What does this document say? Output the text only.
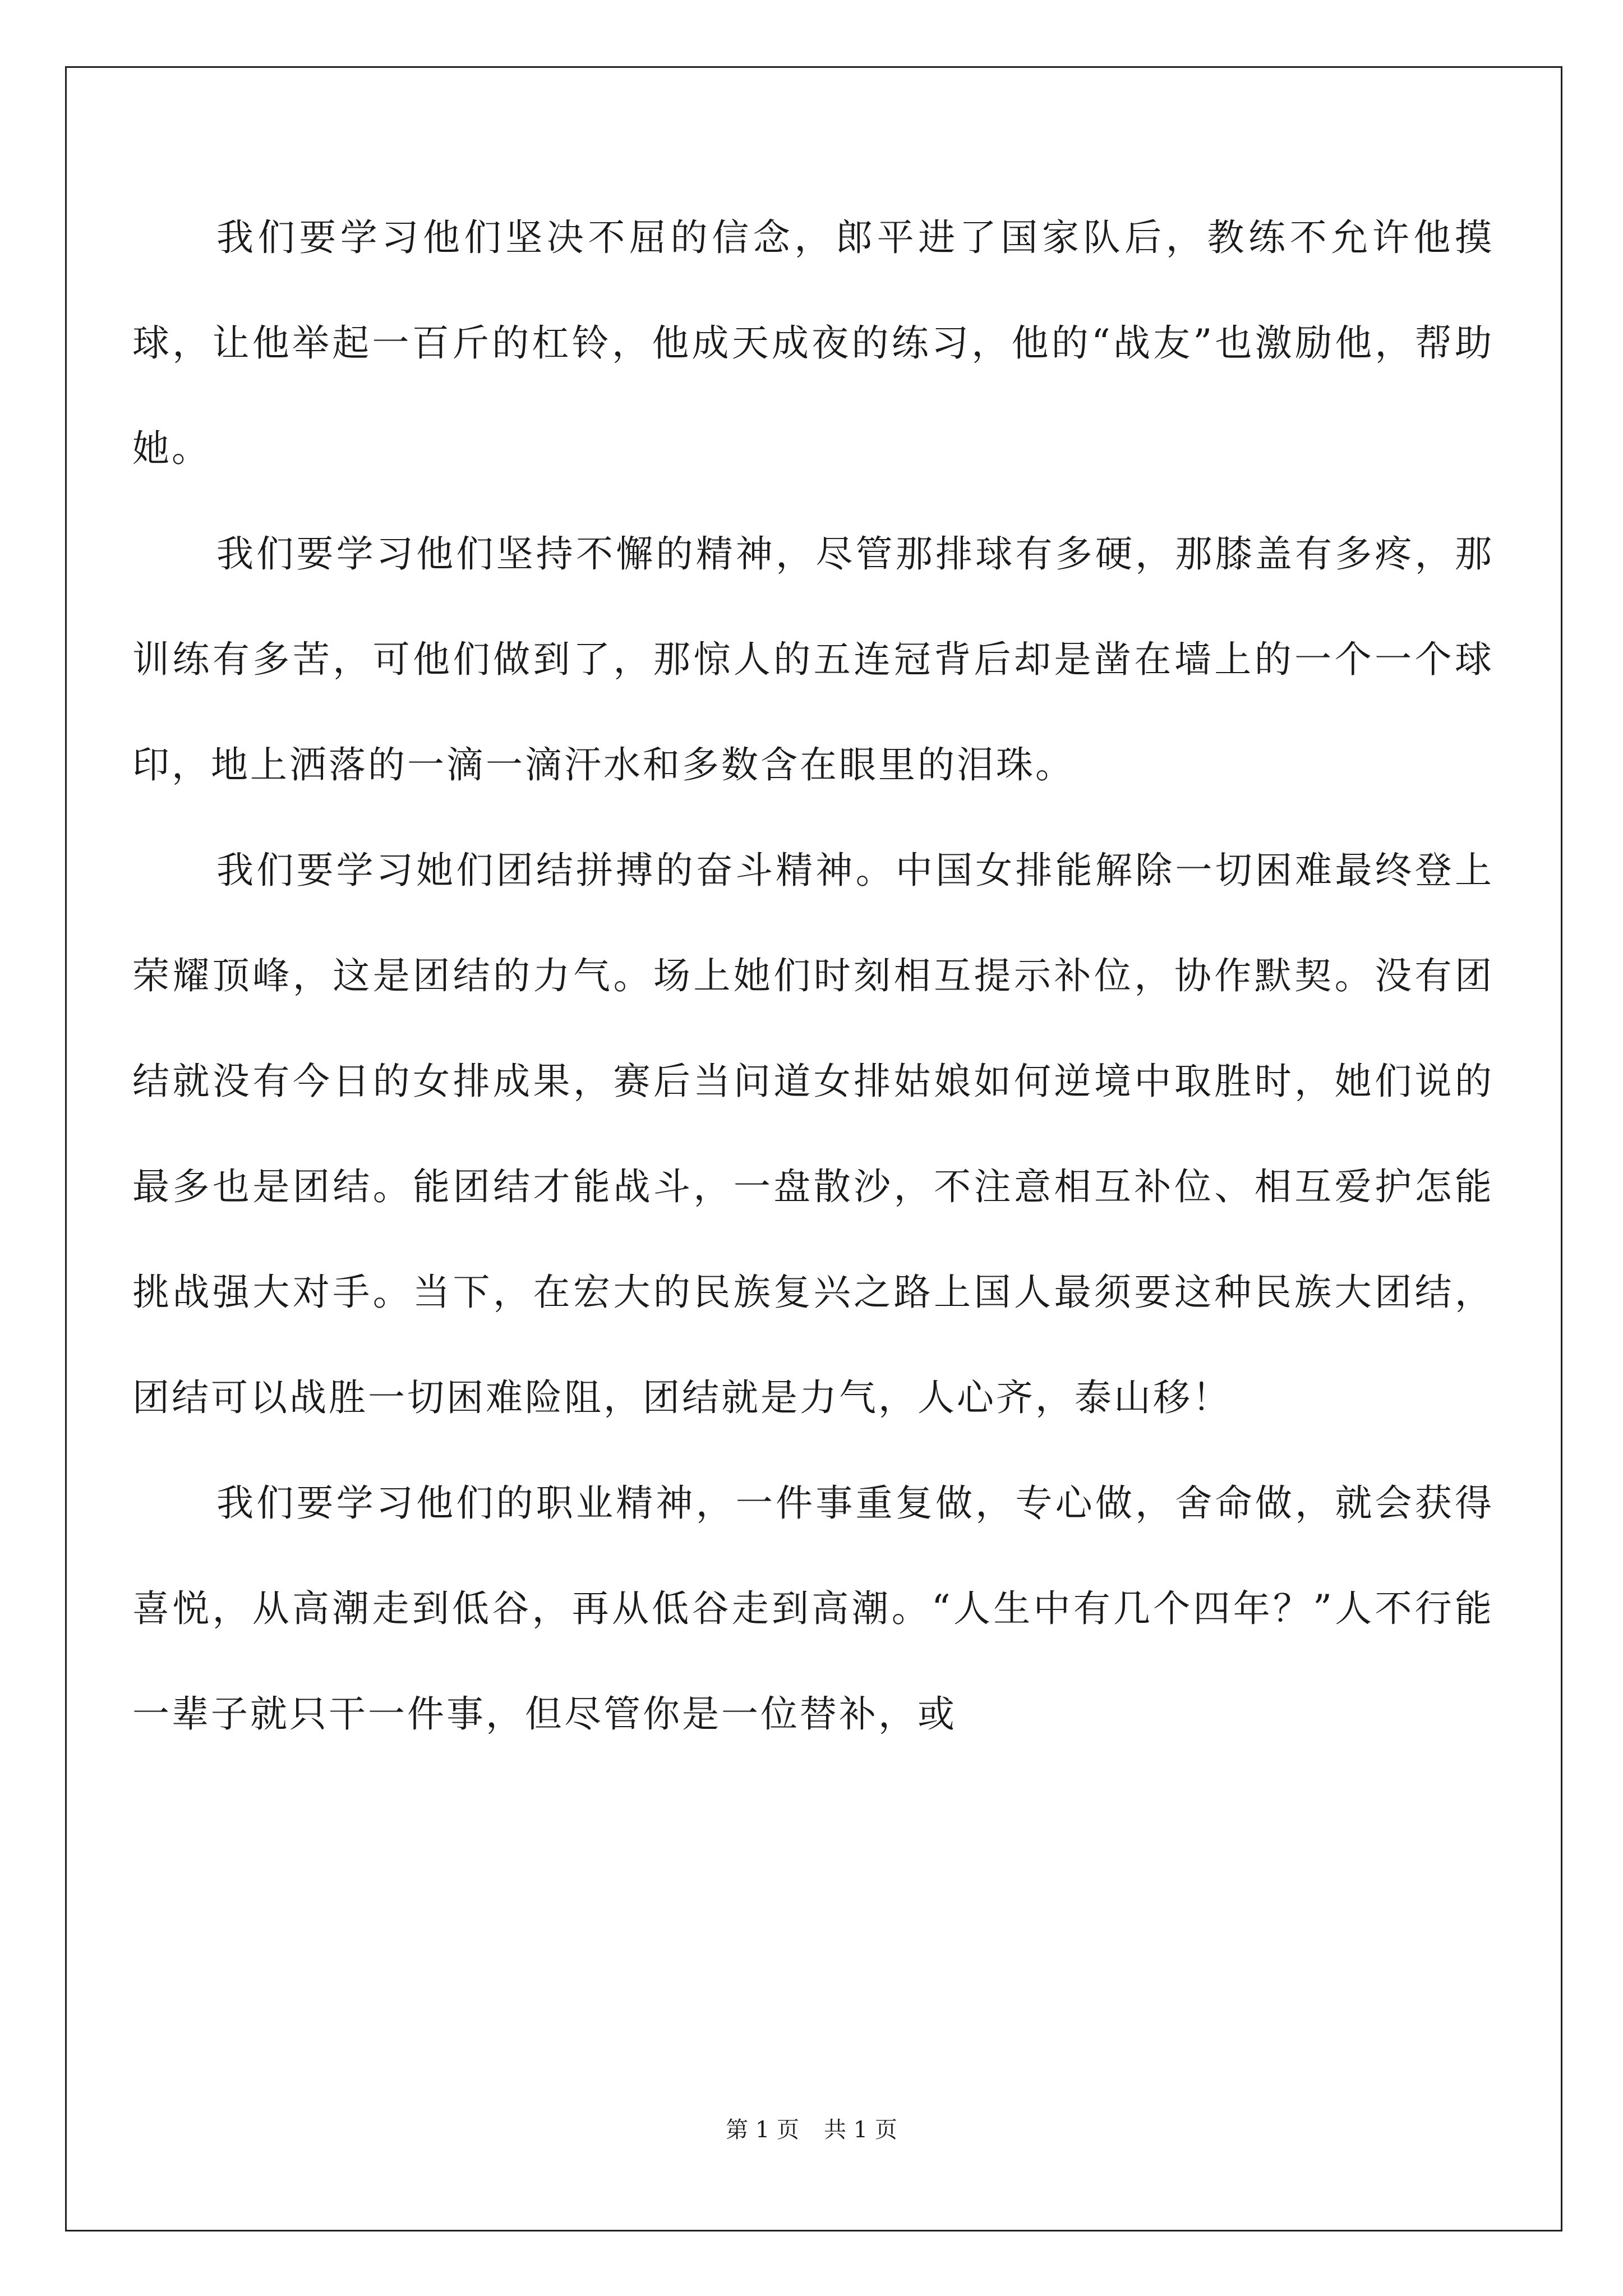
我们要学习他们坚决不屈的信念，郎平进了国家队后，教练不允许他摸球，让他举起一百斤的杠铃，他成天成夜的练习，他的“战友”也激励他，帮助她。

我们要学习他们坚持不懈的精神，尽管那排球有多硬，那膝盖有多疼，那训练有多苦，可他们做到了，那惊人的五连冠背后却是凿在墙上的一个一个球印，地上洒落的一滴一滴汗水和多数含在眼里的泪珠。

我们要学习她们团结拼搏的奋斗精神。中国女排能解除一切困难最终登上荣耀顶峰，这是团结的力气。场上她们时刻相互提示补位，协作默契。没有团结就没有今日的女排成果，赛后当问道女排姑娘如何逆境中取胜时，她们说的最多也是团结。能团结才能战斗，一盘散沙，不注意相互补位、相互爱护怎能挑战强大对手。当下，在宏大的民族复兴之路上国人最须要这种民族大团结，团结可以战胜一切困难险阻，团结就是力气，人心齐，泰山移！

我们要学习他们的职业精神，一件事重复做，专心做，舍命做，就会获得喜悦，从高潮走到低谷，再从低谷走到高潮。“人生中有几个四年？”人不行能一辈子就只干一件事，但尽管你是一位替补，或

第 1 页 共 1 页
